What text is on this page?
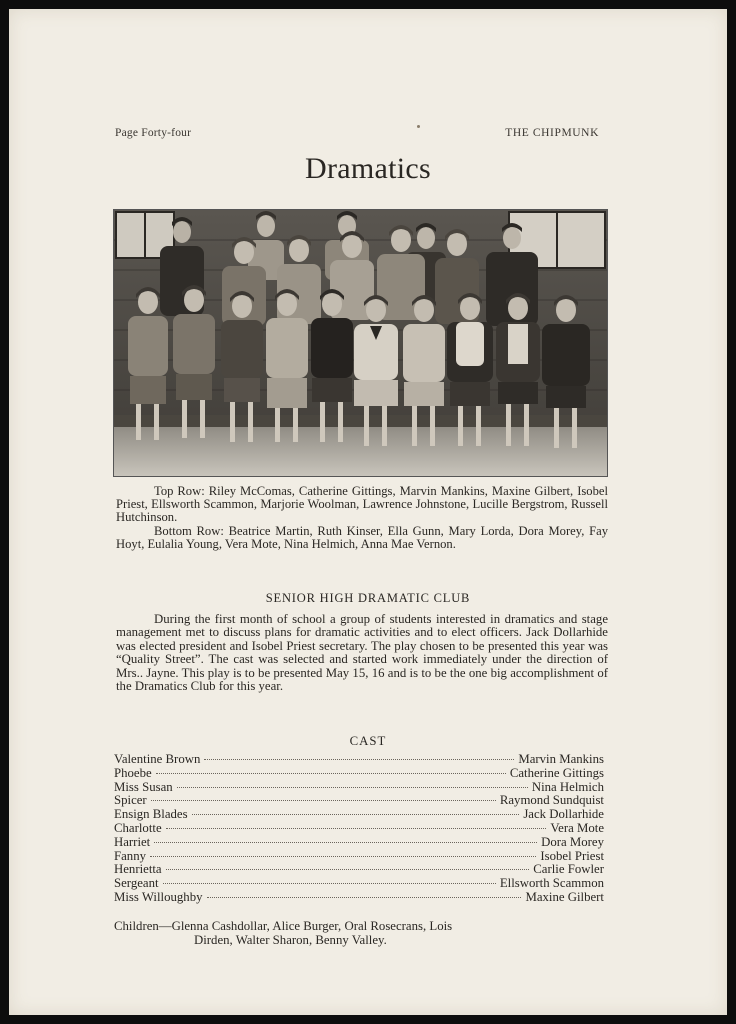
Page Forty-four	THE CHIPMUNK
Dramatics

Top Row: Riley McComas, Catherine Gittings, Marvin Mankins, Maxine Gilbert, Isobel Priest, Ellsworth Scammon, Marjorie Woolman, Lawrence Johnstone, Lucille Bergstrom, Russell Hutchinson.

Bottom Row: Beatrice Martin, Ruth Kinser, Ella Gunn, Mary Lorda, Dora Morey, Fay Hoyt, Eulalia Young, Vera Mote, Nina Helmich, Anna Mae Vernon.

SENIOR HIGH DRAMATIC CLUB
During the first month of school a group of students interested in dramatics and stage management met to discuss plans for dramatic activities and to elect officers. Jack Dollarhide was elected president and Isobel Priest secretary. The play chosen to be presented this year was “Quality Street”. The cast was selected and started work immediately under the direction of Mrs.. Jayne. This play is to be presented May 15, 16 and is to be the one big accomplishment of the Dramatics Club for this year.
CAST
Valentine Brown	Marvin Mankins
Phoebe	Catherine Gittings
Miss Susan	Nina Helmich
Spicer	Raymond Sundquist
Ensign Blades	Jack Dollarhide
Charlotte	Vera Mote
Harriet	Dora Morey
Fanny	Isobel Priest
Henrietta	Carlie Fowler
Sergeant	Ellsworth Scammon
Miss Willoughby	Maxine Gilbert
Children—Glenna Cashdollar, Alice Burger, Oral Rosecrans, Lois
Dirden, Walter Sharon, Benny Valley.
